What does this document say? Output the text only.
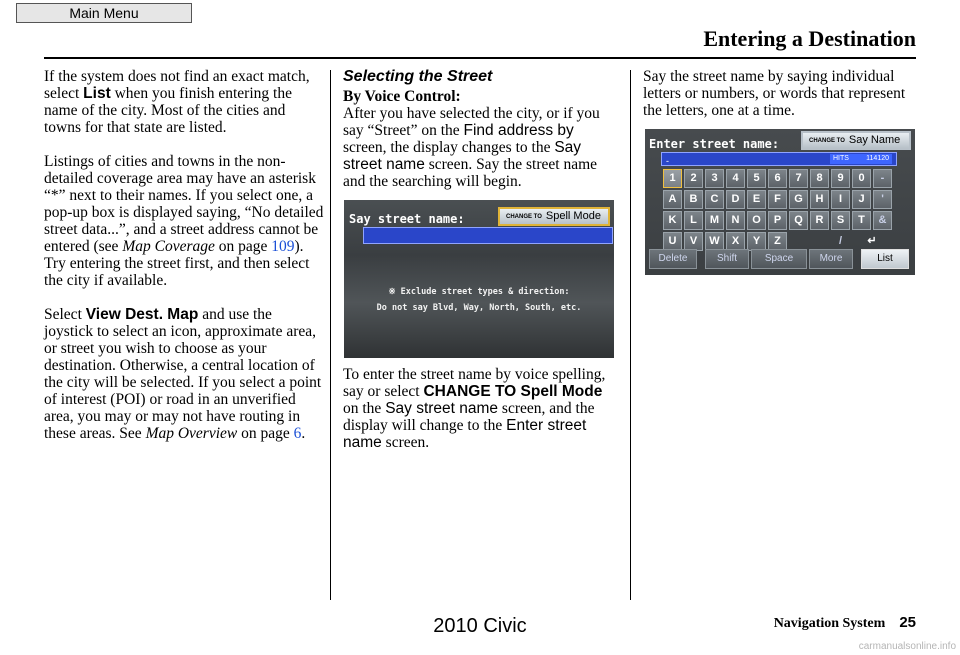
Main Menu
Entering a Destination

If the system does not find an exact match, select List when you finish entering the name of the city. Most of the cities and towns for that state are listed.

Listings of cities and towns in the non-detailed coverage area may have an asterisk “*” next to their names. If you select one, a pop-up box is displayed saying, “No detailed street data...”, and a street address cannot be entered (see Map Coverage on page 109). Try entering the street first, and then select the city if available.

Select View Dest. Map and use the joystick to select an icon, approximate area, or street you wish to choose as your destination. Otherwise, a central location of the city will be selected. If you select a point of interest (POI) or road in an unverified area, you may or may not have routing in these areas. See Map Overview on page 6.

Selecting the Street
By Voice Control:

After you have selected the city, or if you say “Street” on the Find address by screen, the display changes to the Say street name screen. Say the street name and the searching will begin.

Say street name:	CHANGE TO Spell Mode
※ Exclude street types & direction:
Do not say Blvd, Way, North, South, etc.

To enter the street name by voice spelling, say or select CHANGE TO Spell Mode on the Say street name screen, and the display will change to the Enter street name screen.

Say the street name by saying individual letters or numbers, or words that represent the letters, one at a time.

Enter street name:	CHANGE TO Say Name
-	HITS 114120
1	2	3	4	5	6	7	8	9	0	-
A	B	C	D	E	F	G	H	I	J	'
K	L	M	N	O	P	Q	R	S	T	&
U	V	W	X	Y	Z	/	↵
Delete	Shift	Space	More	List
Navigation System 25
2010 Civic
carmanualsonline.info
